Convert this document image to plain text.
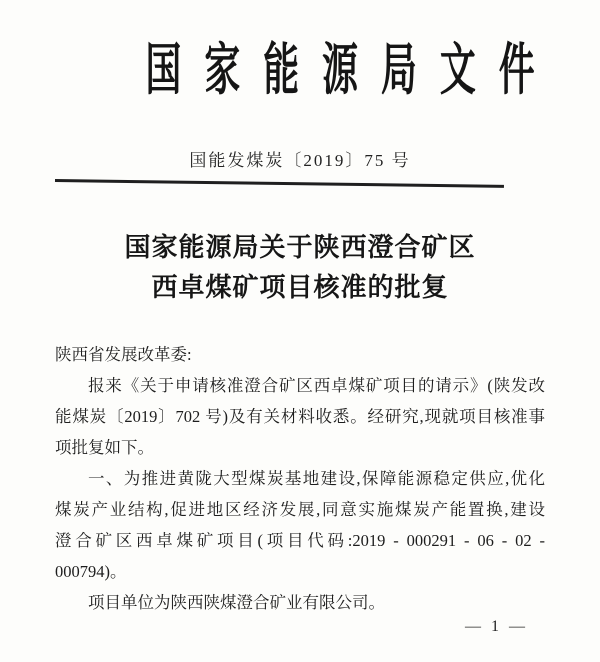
国家能源局文件
国能发煤炭〔2019〕75 号
国家能源局关于陕西澄合矿区
西卓煤矿项目核准的批复
陕西省发展改革委:
报来《关于申请核准澄合矿区西卓煤矿项目的请示》(陕发改
能煤炭〔2019〕702 号)及有关材料收悉。经研究,现就项目核准事
项批复如下。
一、为推进黄陇大型煤炭基地建设,保障能源稳定供应,优化
煤炭产业结构,促进地区经济发展,同意实施煤炭产能置换,建设
澄合矿区西卓煤矿项目(项目代码:2019 - 000291 - 06 - 02 -
000794)。
项目单位为陕西陕煤澄合矿业有限公司。
— 1 —
